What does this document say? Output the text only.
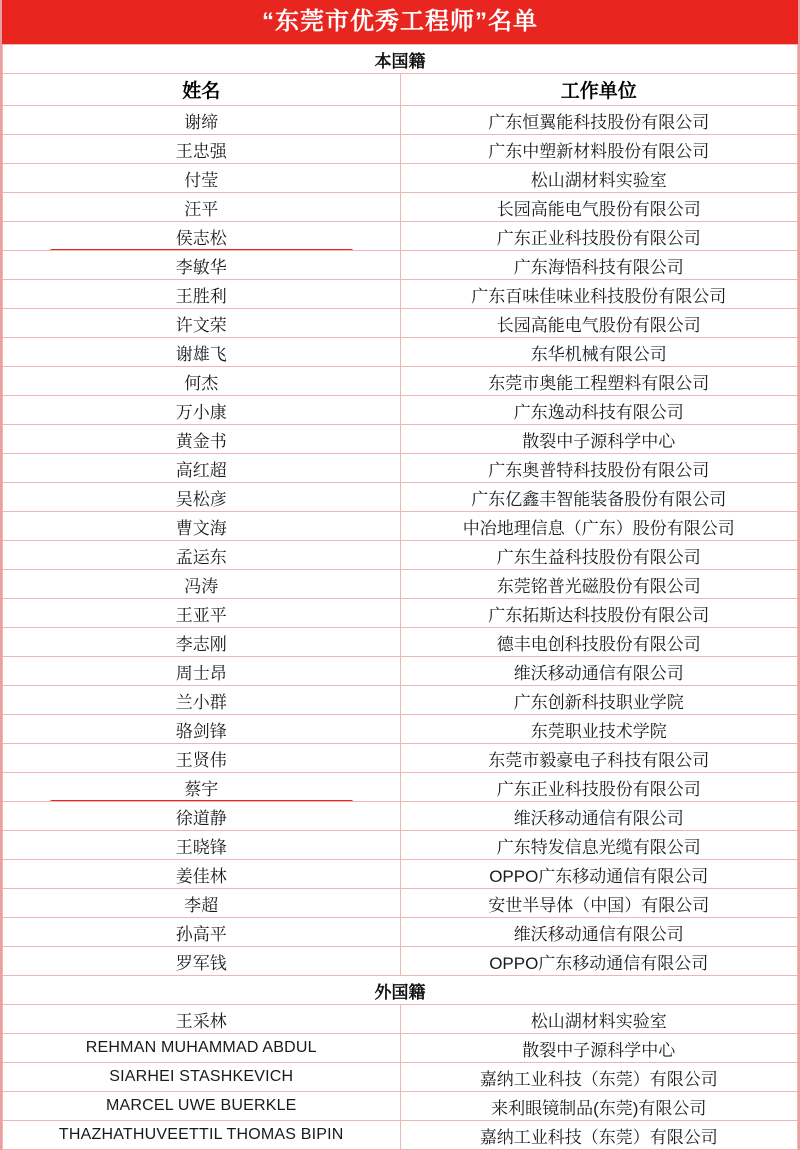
“东莞市优秀工程师”名单
本国籍	
姓名	工作单位
谢缔	广东恒翼能科技股份有限公司
王忠强	广东中塑新材料股份有限公司
付莹	松山湖材料实验室
汪平	长园高能电气股份有限公司
侯志松	广东正业科技股份有限公司
李敏华	广东海悟科技有限公司
王胜利	广东百味佳味业科技股份有限公司
许文荣	长园高能电气股份有限公司
谢雄飞	东华机械有限公司
何杰	东莞市奥能工程塑料有限公司
万小康	广东逸动科技有限公司
黄金书	散裂中子源科学中心
高红超	广东奥普特科技股份有限公司
吴松彦	广东亿鑫丰智能装备股份有限公司
曹文海	中冶地理信息（广东）股份有限公司
孟运东	广东生益科技股份有限公司
冯涛	东莞铭普光磁股份有限公司
王亚平	广东拓斯达科技股份有限公司
李志刚	德丰电创科技股份有限公司
周士昂	维沃移动通信有限公司
兰小群	广东创新科技职业学院
骆剑锋	东莞职业技术学院
王贤伟	东莞市毅豪电子科技有限公司
蔡宇	广东正业科技股份有限公司
徐道静	维沃移动通信有限公司
王晓锋	广东特发信息光缆有限公司
姜佳林	OPPO广东移动通信有限公司
李超	安世半导体（中国）有限公司
孙高平	维沃移动通信有限公司
罗军钱	OPPO广东移动通信有限公司
外国籍	
王采林	松山湖材料实验室
REHMAN MUHAMMAD ABDUL	散裂中子源科学中心
SIARHEI STASHKEVICH	嘉纳工业科技（东莞）有限公司
MARCEL UWE BUERKLE	来利眼镜制品(东莞)有限公司
THAZHATHUVEETTIL THOMAS BIPIN	嘉纳工业科技（东莞）有限公司
